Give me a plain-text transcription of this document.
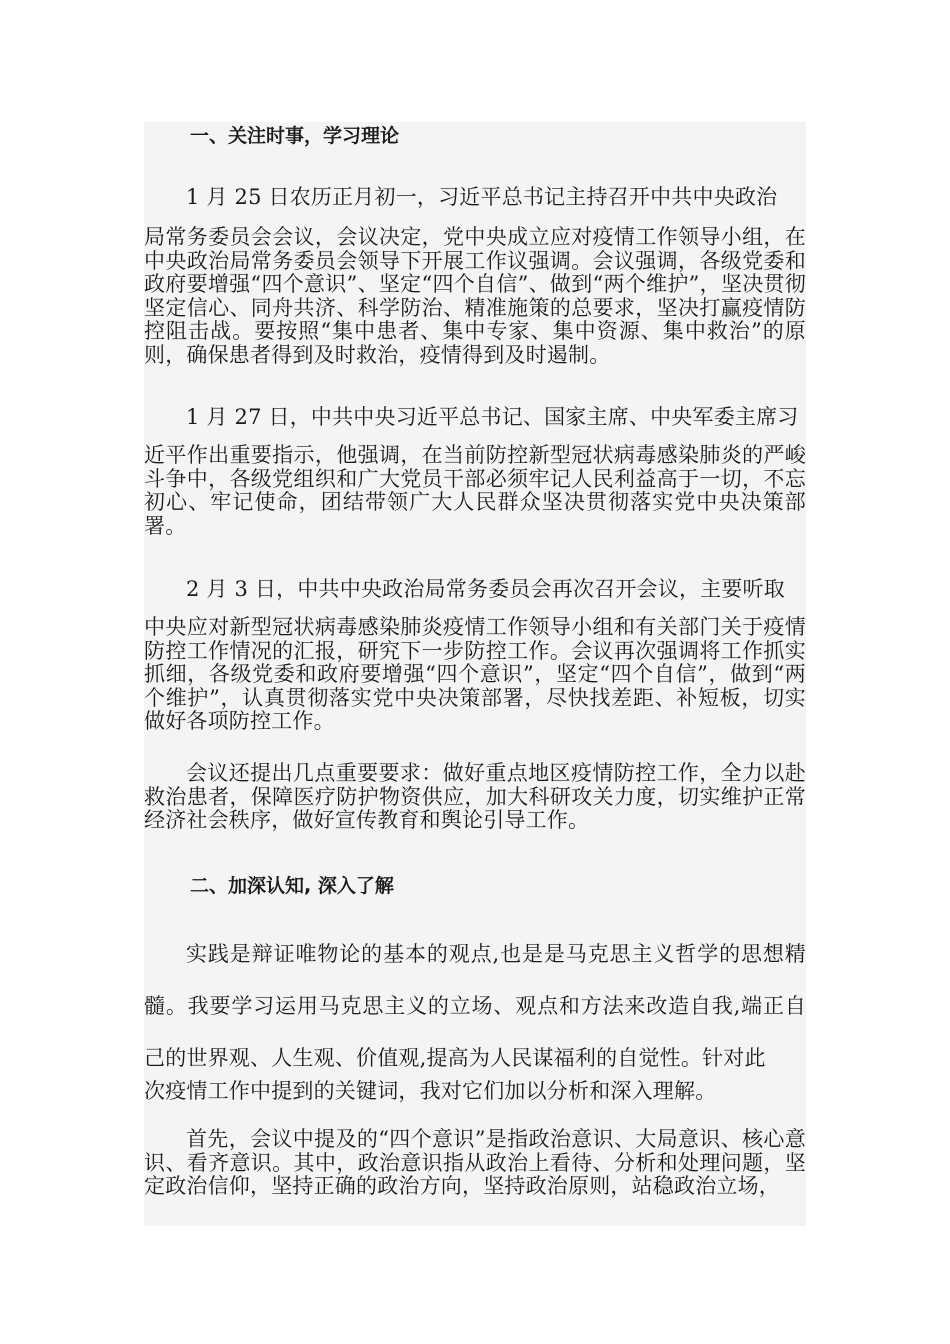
一、关注时事，学习理论

1 月 25 日农历正月初一，习近平总书记主持召开中共中央政治

局常务委员会会议，会议决定，党中央成立应对疫情工作领导小组，在中央政治局常务委员会领导下开展工作议强调。会议强调，各级党委和政府要增强“四个意识”、坚定“四个自信”、做到“两个维护”，坚决贯彻坚定信心、同舟共济、科学防治、精准施策的总要求，坚决打赢疫情防控阻击战。要按照“集中患者、集中专家、集中资源、集中救治”的原则，确保患者得到及时救治，疫情得到及时遏制。

1 月 27 日，中共中央习近平总书记、国家主席、中央军委主席习

近平作出重要指示，他强调，在当前防控新型冠状病毒感染肺炎的严峻斗争中，各级党组织和广大党员干部必须牢记人民利益高于一切，不忘初心、牢记使命，团结带领广大人民群众坚决贯彻落实党中央决策部署。

2 月 3 日，中共中央政治局常务委员会再次召开会议，主要听取

中央应对新型冠状病毒感染肺炎疫情工作领导小组和有关部门关于疫情防控工作情况的汇报，研究下一步防控工作。会议再次强调将工作抓实抓细，各级党委和政府要增强“四个意识”，坚定“四个自信”，做到“两个维护”，认真贯彻落实党中央决策部署，尽快找差距、补短板，切实做好各项防控工作。

会议还提出几点重要要求：做好重点地区疫情防控工作，全力以赴救治患者，保障医疗防护物资供应，加大科研攻关力度，切实维护正常经济社会秩序，做好宣传教育和舆论引导工作。

二、加深认知, 深入了解

实践是辩证唯物论的基本的观点,也是是马克思主义哲学的思想精髓。我要学习运用马克思主义的立场、观点和方法来改造自我,端正自己的世界观、人生观、价值观,提高为人民谋福利的自觉性。针对此

次疫情工作中提到的关键词，我对它们加以分析和深入理解。

首先，会议中提及的“四个意识”是指政治意识、大局意识、核心意识、看齐意识。其中，政治意识指从政治上看待、分析和处理问题，坚定政治信仰，坚持正确的政治方向，坚持政治原则，站稳政治立场，
